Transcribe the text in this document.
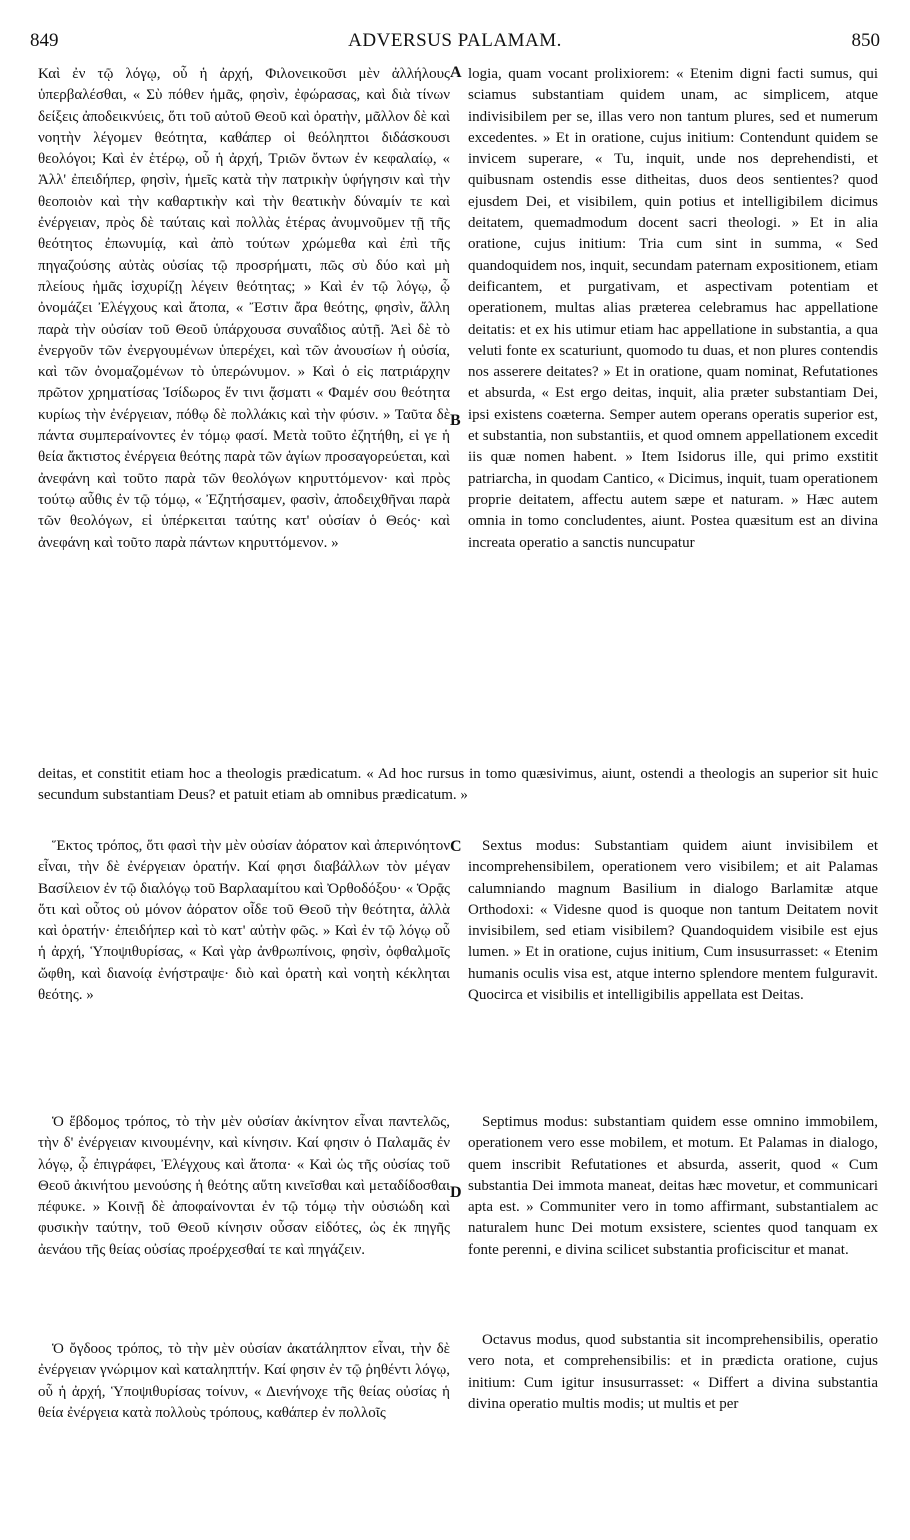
849	ADVERSUS PALAMAM.	850
A
B
C
D

Καὶ ἐν τῷ λόγῳ, οὗ ἡ ἀρχή, Φιλονεικοῦσι μὲν ἀλλήλους ὑπερβαλέσθαι, « Σὺ πόθεν ἡμᾶς, φησὶν, ἐφώρασας, καὶ διὰ τίνων δείξεις ἀποδεικνύεις, ὅτι τοῦ αὐτοῦ Θεοῦ καὶ ὁρατὴν, μᾶλλον δὲ καὶ νοητὴν λέγομεν θεότητα, καθάπερ οἱ θεόληπτοι διδάσκουσι θεολόγοι; Καὶ ἐν ἑτέρῳ, οὗ ἡ ἀρχή, Τριῶν ὄντων ἐν κεφαλαίῳ, « Ἀλλ' ἐπειδήπερ, φησὶν, ἡμεῖς κατὰ τὴν πατρικὴν ὑφήγησιν καὶ τὴν θεοποιὸν καὶ τὴν καθαρτικὴν καὶ τὴν θεατικὴν δύναμίν τε καὶ ἐνέργειαν, πρὸς δὲ ταύταις καὶ πολλὰς ἑτέρας ἀνυμνοῦμεν τῇ τῆς θεότητος ἐπωνυμίᾳ, καὶ ἀπὸ τούτων χρώμεθα καὶ ἐπὶ τῆς πηγαζούσης αὐτὰς οὐσίας τῷ προσρήματι, πῶς σὺ δύο καὶ μὴ πλείους ἡμᾶς ἰσχυρίζῃ λέγειν θεότητας; » Καὶ ἐν τῷ λόγῳ, ᾧ ὀνομάζει Ἐλέγχους καὶ ἄτοπα, « Ἔστιν ἄρα θεότης, φησὶν, ἄλλη παρὰ τὴν οὐσίαν τοῦ Θεοῦ ὑπάρχουσα συναΐδιος αὐτῇ. Ἀεὶ δὲ τὸ ἐνεργοῦν τῶν ἐνεργουμένων ὑπερέχει, καὶ τῶν ἀνουσίων ἡ οὐσία, καὶ τῶν ὀνομαζομένων τὸ ὑπερώνυμον. » Καὶ ὁ εἰς πατριάρχην πρῶτον χρηματίσας Ἰσίδωρος ἔν τινι ᾄσματι « Φαμέν σου θεότητα κυρίως τὴν ἐνέργειαν, πόθῳ δὲ πολλάκις καὶ τὴν φύσιν. » Ταῦτα δὲ πάντα συμπεραίνοντες ἐν τόμῳ φασί. Μετὰ τοῦτο ἐζητήθη, εἰ γε ἡ θεία ἄκτιστος ἐνέργεια θεότης παρὰ τῶν ἁγίων προσαγορεύεται, καὶ ἀνεφάνη καὶ τοῦτο παρὰ τῶν θεολόγων κηρυττόμενον· καὶ πρὸς τούτῳ αὖθις ἐν τῷ τόμῳ, « Ἐζητήσαμεν, φασὶν, ἀποδειχθῆναι παρὰ τῶν θεολόγων, εἰ ὑπέρκειται ταύτης κατ' οὐσίαν ὁ Θεός· καὶ ἀνεφάνη καὶ τοῦτο παρὰ πάντων κηρυττόμενον. »

logia, quam vocant prolixiorem: « Etenim digni facti sumus, qui sciamus substantiam quidem unam, ac simplicem, atque indivisibilem per se, illas vero non tantum plures, sed et numerum excedentes. » Et in oratione, cujus initium: Contendunt quidem se invicem superare, « Tu, inquit, unde nos deprehendisti, et quibusnam ostendis esse ditheitas, duos deos sentientes? quod ejusdem Dei, et visibilem, quin potius et intelligibilem dicimus deitatem, quemadmodum docent sacri theologi. » Et in alia oratione, cujus initium: Tria cum sint in summa, « Sed quandoquidem nos, inquit, secundam paternam expositionem, etiam deificantem, et purgativam, et aspectivam potentiam et operationem, multas alias præterea celebramus hac appellatione deitatis: et ex his utimur etiam hac appellatione in substantia, a qua veluti fonte ex scaturiunt, quomodo tu duas, et non plures contendis nos asserere deitates? » Et in oratione, quam nominat, Refutationes et absurda, « Est ergo deitas, inquit, alia præter substantiam Dei, ipsi existens coæterna. Semper autem operans operatis superior est, et substantia, non substantiis, et quod omnem appellationem excedit iis quæ nomen habent. » Item Isidorus ille, qui primo exstitit patriarcha, in quodam Cantico, « Dicimus, inquit, tuam operationem proprie deitatem, affectu autem sæpe et naturam. » Hæc autem omnia in tomo concludentes, aiunt. Postea quæsitum est an divina increata operatio a sanctis nuncupatur

deitas, et constitit etiam hoc a theologis prædicatum. « Ad hoc rursus in tomo quæsivimus, aiunt, ostendi a theologis an superior sit huic secundum substantiam Deus? et patuit etiam ab omnibus prædicatum. »

Ἕκτος τρόπος, ὅτι φασὶ τὴν μὲν οὐσίαν ἀόρατον καὶ ἀπερινόητον εἶναι, τὴν δὲ ἐνέργειαν ὁρατήν. Καί φησι διαβάλλων τὸν μέγαν Βασίλειον ἐν τῷ διαλόγῳ τοῦ Βαρλααμίτου καὶ Ὀρθοδόξου· « Ὁρᾷς ὅτι καὶ οὗτος οὐ μόνον ἀόρατον οἶδε τοῦ Θεοῦ τὴν θεότητα, ἀλλὰ καὶ ὁρατήν· ἐπειδήπερ καὶ τὸ κατ' αὐτὴν φῶς. » Καὶ ἐν τῷ λόγῳ οὗ ἡ ἀρχή, Ὑποψιθυρίσας, « Καὶ γὰρ ἀνθρωπίνοις, φησὶν, ὀφθαλμοῖς ὤφθη, καὶ διανοίᾳ ἐνήστραψε· διὸ καὶ ὁρατὴ καὶ νοητὴ κέκληται θεότης. »

Sextus modus: Substantiam quidem aiunt invisibilem et incomprehensibilem, operationem vero visibilem; et ait Palamas calumniando magnum Basilium in dialogo Barlamitæ atque Orthodoxi: « Videsne quod is quoque non tantum Deitatem novit invisibilem, sed etiam visibilem? Quandoquidem visibile est ejus lumen. » Et in oratione, cujus initium, Cum insusurrasset: « Etenim humanis oculis visa est, atque interno splendore mentem fulguravit. Quocirca et visibilis et intelligibilis appellata est Deitas.

Ὁ ἕβδομος τρόπος, τὸ τὴν μὲν οὐσίαν ἀκίνητον εἶναι παντελῶς, τὴν δ' ἐνέργειαν κινουμένην, καὶ κίνησιν. Καί φησιν ὁ Παλαμᾶς ἐν λόγῳ, ᾧ ἐπιγράφει, Ἐλέγχους καὶ ἄτοπα· « Καὶ ὡς τῆς οὐσίας τοῦ Θεοῦ ἀκινήτου μενούσης ἡ θεότης αὕτη κινεῖσθαι καὶ μεταδίδοσθαι πέφυκε. » Κοινῇ δὲ ἀποφαίνονται ἐν τῷ τόμῳ τὴν οὐσιώδη καὶ φυσικὴν ταύτην, τοῦ Θεοῦ κίνησιν οὖσαν εἰδότες, ὡς ἐκ πηγῆς ἀενάου τῆς θείας οὐσίας προέρχεσθαί τε καὶ πηγάζειν.

Septimus modus: substantiam quidem esse omnino immobilem, operationem vero esse mobilem, et motum. Et Palamas in dialogo, quem inscribit Refutationes et absurda, asserit, quod « Cum substantia Dei immota maneat, deitas hæc movetur, et communicari apta est. » Communiter vero in tomo affirmant, substantialem ac naturalem hunc Dei motum exsistere, scientes quod tanquam ex fonte perenni, e divina scilicet substantia proficiscitur et manat.

Ὁ ὄγδοος τρόπος, τὸ τὴν μὲν οὐσίαν ἀκατάληπτον εἶναι, τὴν δὲ ἐνέργειαν γνώριμον καὶ καταληπτήν. Καί φησιν ἐν τῷ ῥηθέντι λόγῳ, οὗ ἡ ἀρχή, Ὑποψιθυρίσας τοίνυν, « Διενήνοχε τῆς θείας οὐσίας ἡ θεία ἐνέργεια κατὰ πολλοὺς τρόπους, καθάπερ ἐν πολλοῖς

Octavus modus, quod substantia sit incomprehensibilis, operatio vero nota, et comprehensibilis: et in prædicta oratione, cujus initium: Cum igitur insusurrasset: « Differt a divina substantia divina operatio multis modis; ut multis et per
